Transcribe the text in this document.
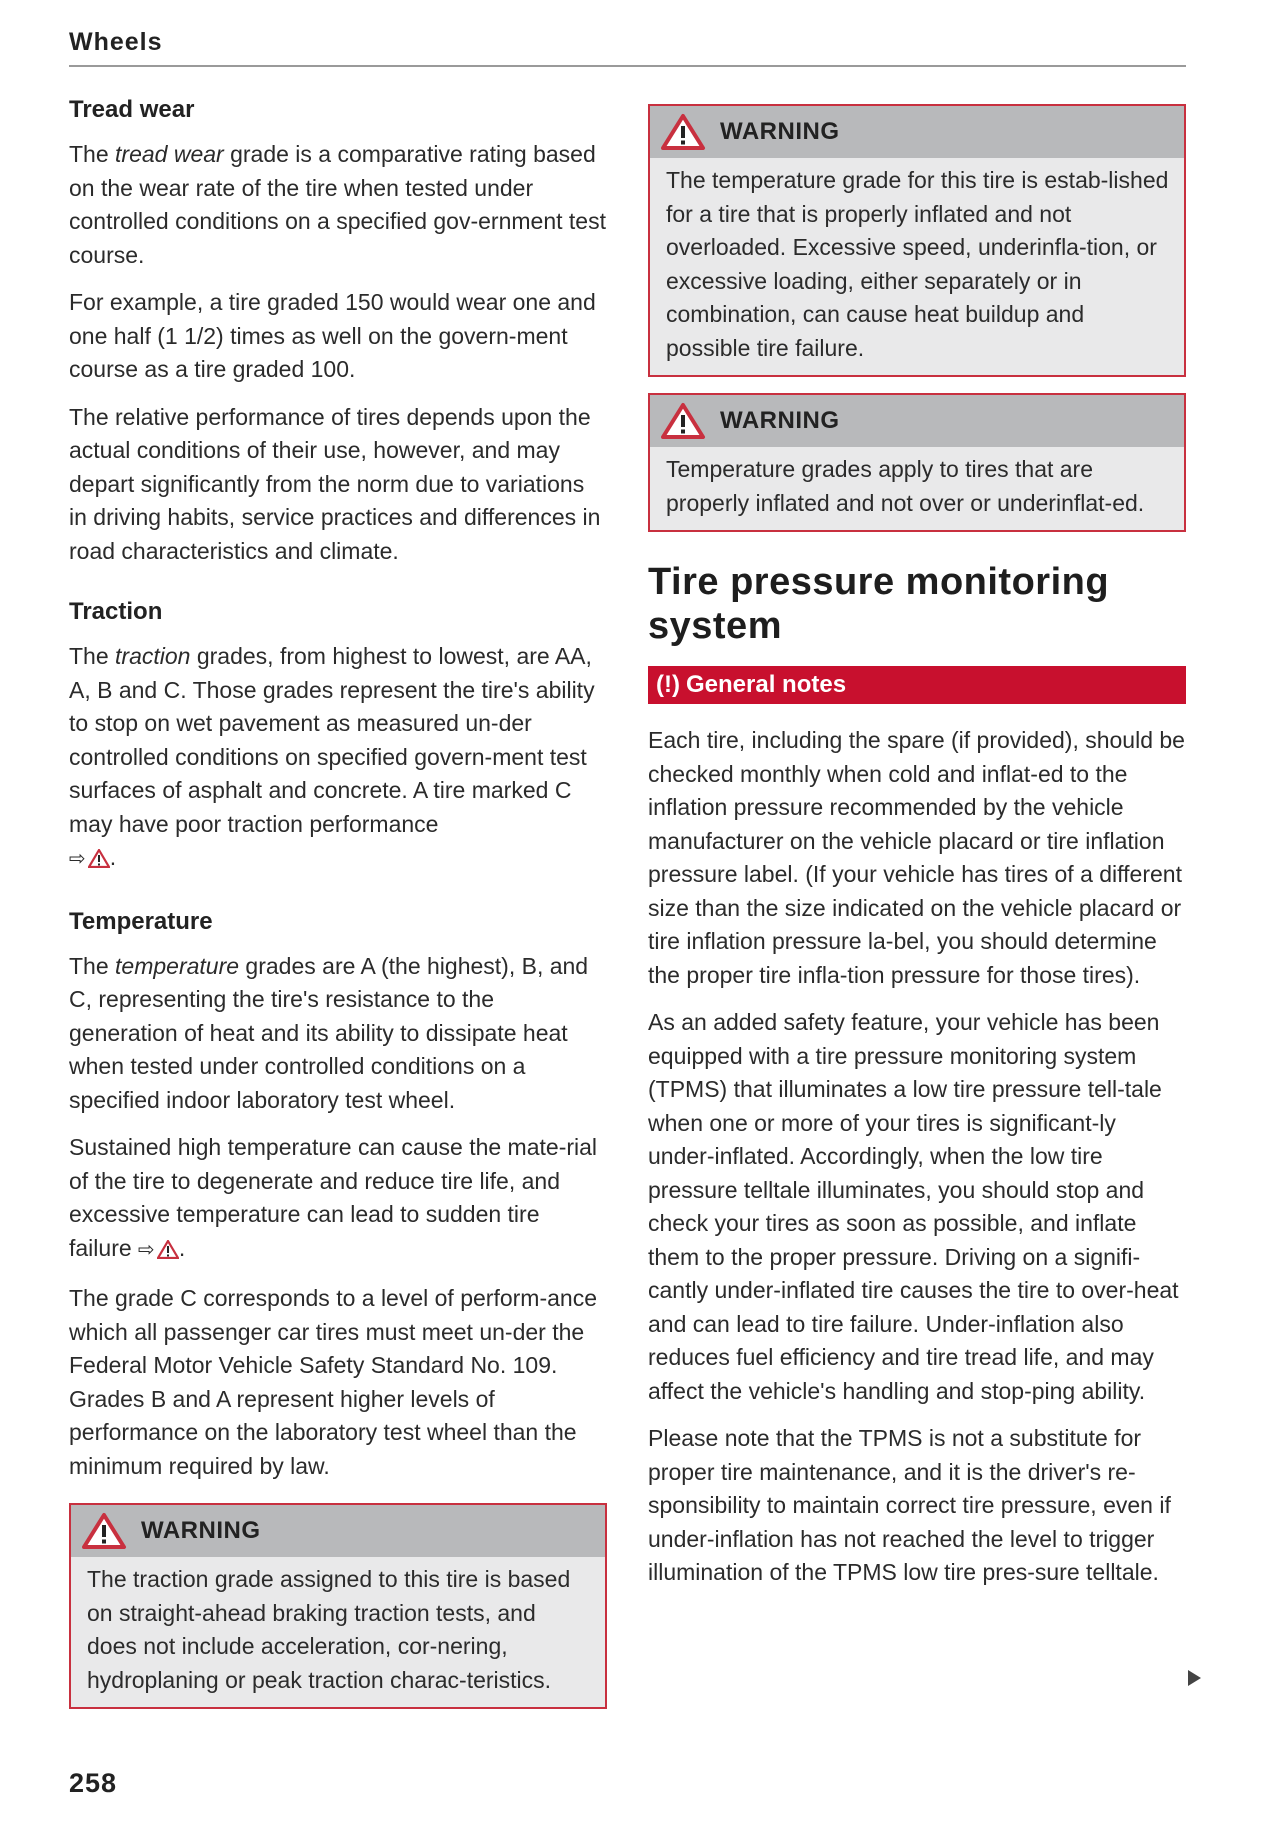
Wheels
Tread wear

The tread wear grade is a comparative rating based on the wear rate of the tire when tested under controlled conditions on a specified gov-ernment test course.

For example, a tire graded 150 would wear one and one half (1 1/2) times as well on the govern-ment course as a tire graded 100.

The relative performance of tires depends upon the actual conditions of their use, however, and may depart significantly from the norm due to variations in driving habits, service practices and differences in road characteristics and climate.

Traction

The traction grades, from highest to lowest, are AA, A, B and C. Those grades represent the tire's ability to stop on wet pavement as measured un-der controlled conditions on specified govern-ment test surfaces of asphalt and concrete. A tire marked C may have poor traction performance
⇨ .

Temperature

The temperature grades are A (the highest), B, and C, representing the tire's resistance to the generation of heat and its ability to dissipate heat when tested under controlled conditions on a specified indoor laboratory test wheel.

Sustained high temperature can cause the mate-rial of the tire to degenerate and reduce tire life, and excessive temperature can lead to sudden tire failure ⇨ .

The grade C corresponds to a level of perform-ance which all passenger car tires must meet un-der the Federal Motor Vehicle Safety Standard No. 109. Grades B and A represent higher levels of performance on the laboratory test wheel than the minimum required by law.

WARNING
The traction grade assigned to this tire is based on straight-ahead braking traction tests, and does not include acceleration, cor-nering, hydroplaning or peak traction charac-teristics.
WARNING
The temperature grade for this tire is estab-lished for a tire that is properly inflated and not overloaded. Excessive speed, underinfla-tion, or excessive loading, either separately or in combination, can cause heat buildup and possible tire failure.
WARNING
Temperature grades apply to tires that are properly inflated and not over or underinflat-ed.
Tire pressure monitoring system
(!) General notes

Each tire, including the spare (if provided), should be checked monthly when cold and inflat-ed to the inflation pressure recommended by the vehicle manufacturer on the vehicle placard or tire inflation pressure label. (If your vehicle has tires of a different size than the size indicated on the vehicle placard or tire inflation pressure la-bel, you should determine the proper tire infla-tion pressure for those tires).

As an added safety feature, your vehicle has been equipped with a tire pressure monitoring system (TPMS) that illuminates a low tire pressure tell-tale when one or more of your tires is significant-ly under-inflated. Accordingly, when the low tire pressure telltale illuminates, you should stop and check your tires as soon as possible, and inflate them to the proper pressure. Driving on a signifi-cantly under-inflated tire causes the tire to over-heat and can lead to tire failure. Under-inflation also reduces fuel efficiency and tire tread life, and may affect the vehicle's handling and stop-ping ability.

Please note that the TPMS is not a substitute for proper tire maintenance, and it is the driver's re-sponsibility to maintain correct tire pressure, even if under-inflation has not reached the level to trigger illumination of the TPMS low tire pres-sure telltale.

258
